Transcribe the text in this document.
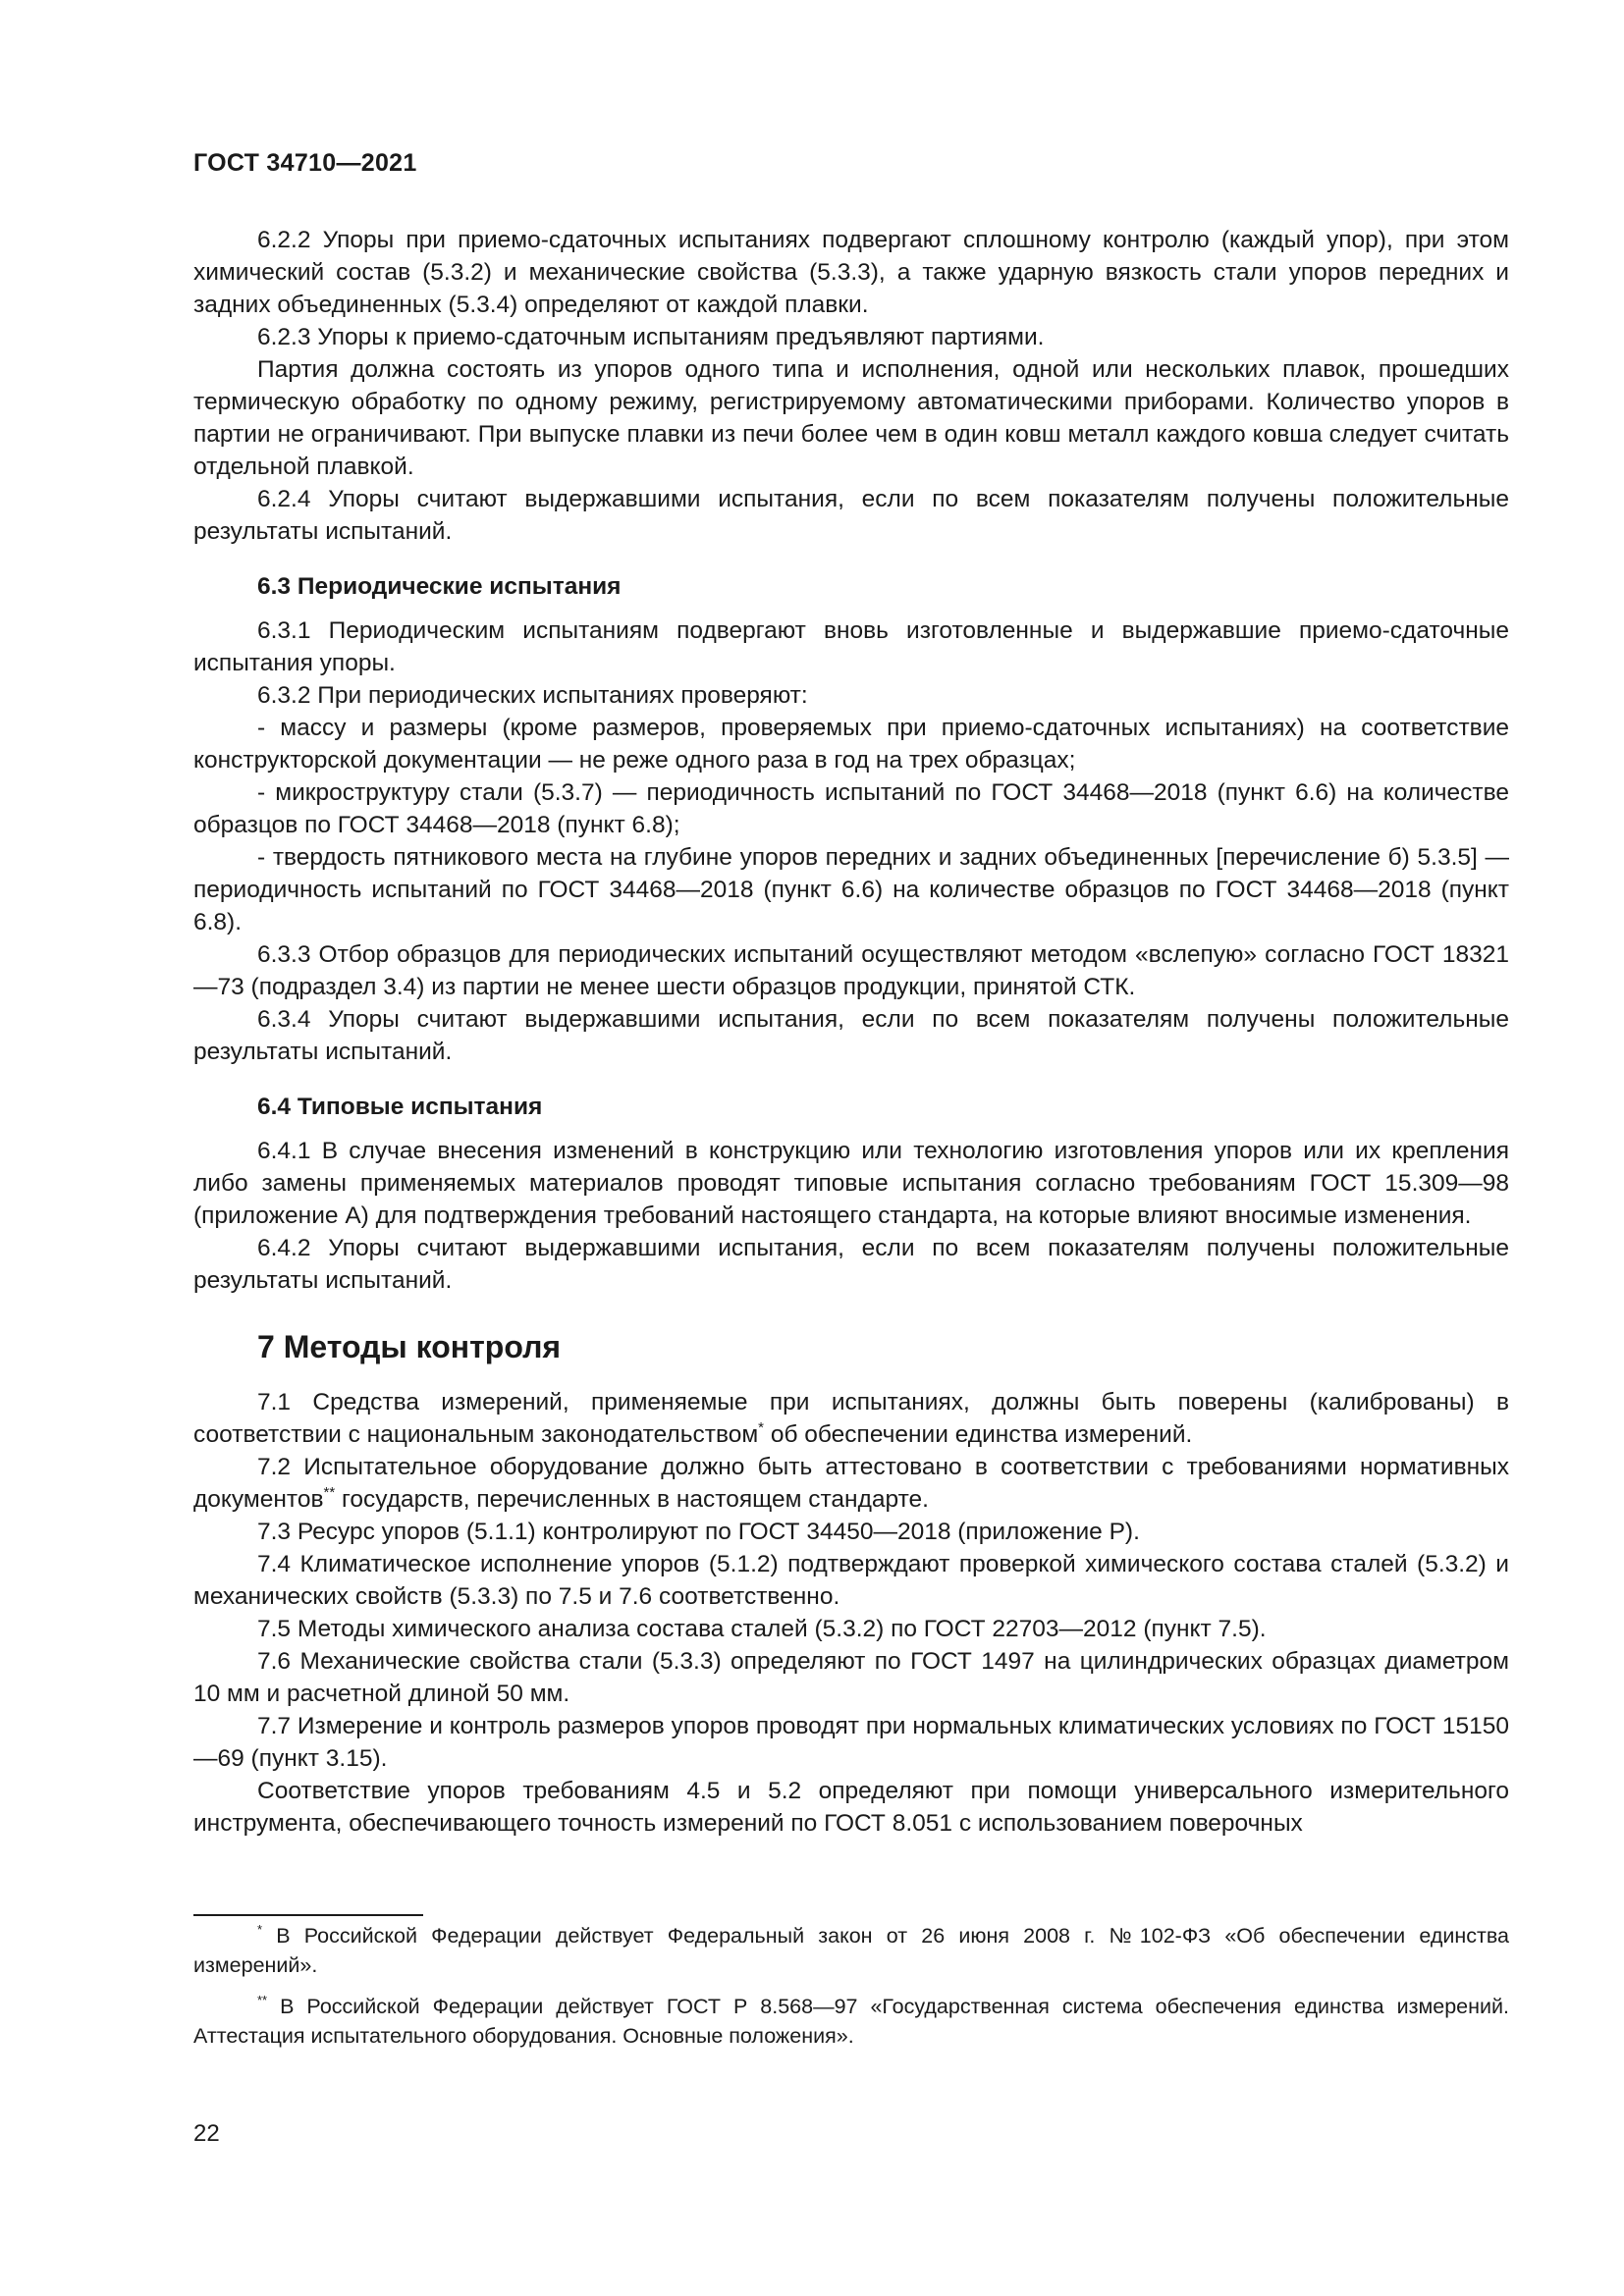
ГОСТ 34710—2021

6.2.2 Упоры при приемо-сдаточных испытаниях подвергают сплошному контролю (каждый упор), при этом химический состав (5.3.2) и механические свойства (5.3.3), а также ударную вязкость стали упоров передних и задних объединенных (5.3.4) определяют от каждой плавки.

6.2.3 Упоры к приемо-сдаточным испытаниям предъявляют партиями.

Партия должна состоять из упоров одного типа и исполнения, одной или нескольких плавок, прошедших термическую обработку по одному режиму, регистрируемому автоматическими приборами. Количество упоров в партии не ограничивают. При выпуске плавки из печи более чем в один ковш металл каждого ковша следует считать отдельной плавкой.

6.2.4 Упоры считают выдержавшими испытания, если по всем показателям получены положительные результаты испытаний.

6.3 Периодические испытания

6.3.1 Периодическим испытаниям подвергают вновь изготовленные и выдержавшие приемо-сдаточные испытания упоры.

6.3.2 При периодических испытаниях проверяют:

- массу и размеры (кроме размеров, проверяемых при приемо-сдаточных испытаниях) на соответствие конструкторской документации — не реже одного раза в год на трех образцах;

- микроструктуру стали (5.3.7) — периодичность испытаний по ГОСТ 34468—2018 (пункт 6.6) на количестве образцов по ГОСТ 34468—2018 (пункт 6.8);

- твердость пятникового места на глубине упоров передних и задних объединенных [перечисление б) 5.3.5] — периодичность испытаний по ГОСТ 34468—2018 (пункт 6.6) на количестве образцов по ГОСТ 34468—2018 (пункт 6.8).

6.3.3 Отбор образцов для периодических испытаний осуществляют методом «вслепую» согласно ГОСТ 18321—73 (подраздел 3.4) из партии не менее шести образцов продукции, принятой СТК.

6.3.4 Упоры считают выдержавшими испытания, если по всем показателям получены положительные результаты испытаний.

6.4 Типовые испытания

6.4.1 В случае внесения изменений в конструкцию или технологию изготовления упоров или их крепления либо замены применяемых материалов проводят типовые испытания согласно требованиям ГОСТ 15.309—98 (приложение А) для подтверждения требований настоящего стандарта, на которые влияют вносимые изменения.

6.4.2 Упоры считают выдержавшими испытания, если по всем показателям получены положительные результаты испытаний.

7 Методы контроля

7.1 Средства измерений, применяемые при испытаниях, должны быть поверены (калиброваны) в соответствии с национальным законодательством* об обеспечении единства измерений.

7.2 Испытательное оборудование должно быть аттестовано в соответствии с требованиями нормативных документов** государств, перечисленных в настоящем стандарте.

7.3 Ресурс упоров (5.1.1) контролируют по ГОСТ 34450—2018 (приложение Р).

7.4 Климатическое исполнение упоров (5.1.2) подтверждают проверкой химического состава сталей (5.3.2) и механических свойств (5.3.3) по 7.5 и 7.6 соответственно.

7.5 Методы химического анализа состава сталей (5.3.2) по ГОСТ 22703—2012 (пункт 7.5).

7.6 Механические свойства стали (5.3.3) определяют по ГОСТ 1497 на цилиндрических образцах диаметром 10 мм и расчетной длиной 50 мм.

7.7 Измерение и контроль размеров упоров проводят при нормальных климатических условиях по ГОСТ 15150—69 (пункт 3.15).

Соответствие упоров требованиям 4.5 и 5.2 определяют при помощи универсального измерительного инструмента, обеспечивающего точность измерений по ГОСТ 8.051 с использованием поверочных

* В Российской Федерации действует Федеральный закон от 26 июня 2008 г. №102-ФЗ «Об обеспечении единства измерений».

** В Российской Федерации действует ГОСТ Р 8.568—97 «Государственная система обеспечения единства измерений. Аттестация испытательного оборудования. Основные положения».

22
